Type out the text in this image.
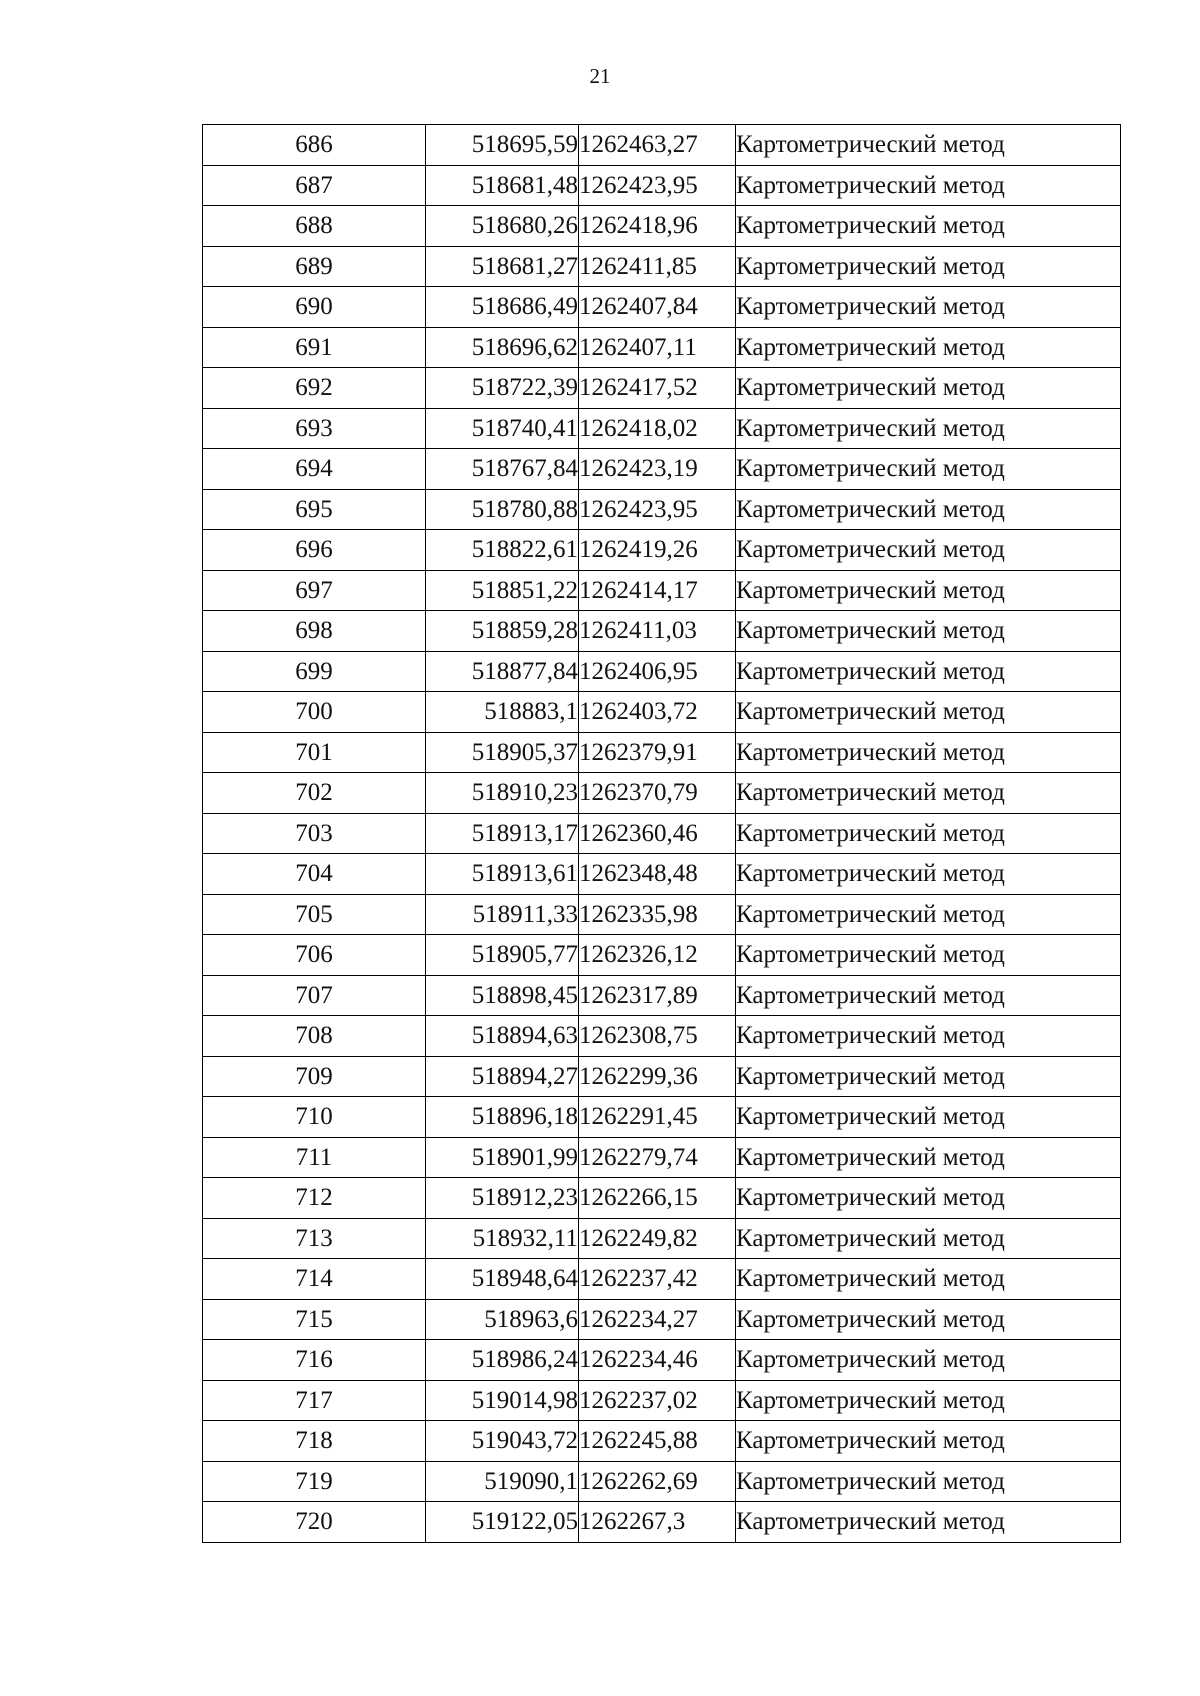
21
686	518695,59	1262463,27	Картометрический метод
687	518681,48	1262423,95	Картометрический метод
688	518680,26	1262418,96	Картометрический метод
689	518681,27	1262411,85	Картометрический метод
690	518686,49	1262407,84	Картометрический метод
691	518696,62	1262407,11	Картометрический метод
692	518722,39	1262417,52	Картометрический метод
693	518740,41	1262418,02	Картометрический метод
694	518767,84	1262423,19	Картометрический метод
695	518780,88	1262423,95	Картометрический метод
696	518822,61	1262419,26	Картометрический метод
697	518851,22	1262414,17	Картометрический метод
698	518859,28	1262411,03	Картометрический метод
699	518877,84	1262406,95	Картометрический метод
700	518883,1	1262403,72	Картометрический метод
701	518905,37	1262379,91	Картометрический метод
702	518910,23	1262370,79	Картометрический метод
703	518913,17	1262360,46	Картометрический метод
704	518913,61	1262348,48	Картометрический метод
705	518911,33	1262335,98	Картометрический метод
706	518905,77	1262326,12	Картометрический метод
707	518898,45	1262317,89	Картометрический метод
708	518894,63	1262308,75	Картометрический метод
709	518894,27	1262299,36	Картометрический метод
710	518896,18	1262291,45	Картометрический метод
711	518901,99	1262279,74	Картометрический метод
712	518912,23	1262266,15	Картометрический метод
713	518932,11	1262249,82	Картометрический метод
714	518948,64	1262237,42	Картометрический метод
715	518963,6	1262234,27	Картометрический метод
716	518986,24	1262234,46	Картометрический метод
717	519014,98	1262237,02	Картометрический метод
718	519043,72	1262245,88	Картометрический метод
719	519090,1	1262262,69	Картометрический метод
720	519122,05	1262267,3	Картометрический метод
